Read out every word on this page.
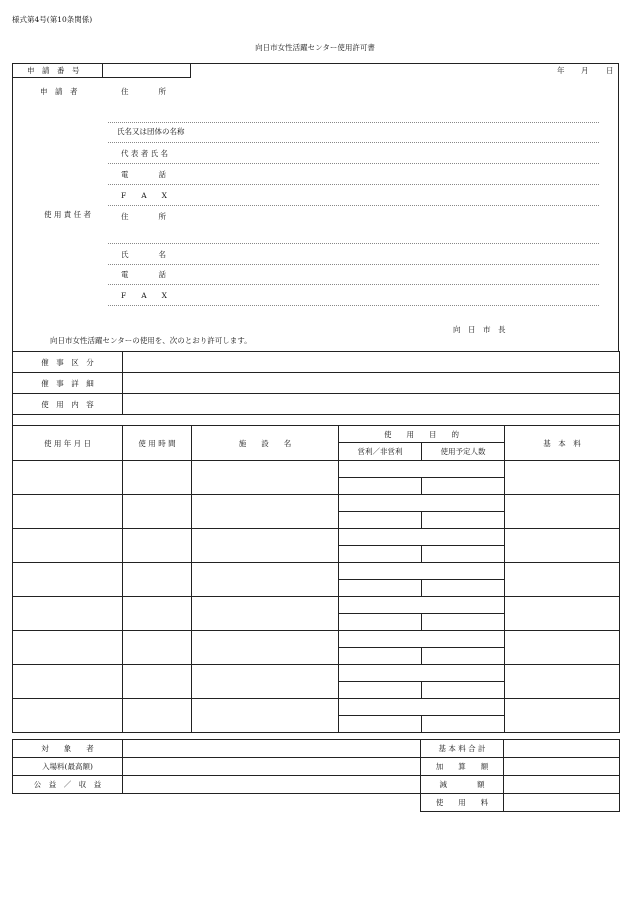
様式第4号(第10条関係)
向日市女性活躍センター使用許可書
申　請　番　号	年 月 日
申　請　者	住　　　　所
氏名又は団体の名称
代 表 者 氏 名
電　　　　話
F　　A　　X
使 用 責 任 者	住　　　　所
氏　　　　名
電　　　　話
F　　A　　X
向　日　市　長
向日市女性活躍センターの使用を、次のとおり許可します。
催　事　区　分	
催　事　詳　細	
使　用　内　容	

使 用 年 月 日	使 用 時 間	施　　設　　名	使　　用　　目　　的		基　本　料
			営利／非営利	使用予定人数	

対　　象　　者	
入場料(最高額)	
公　益　／　収　益	
基 本 料 合 計	
加　　算　　額	
減　　　　額	
使　　用　　料	
